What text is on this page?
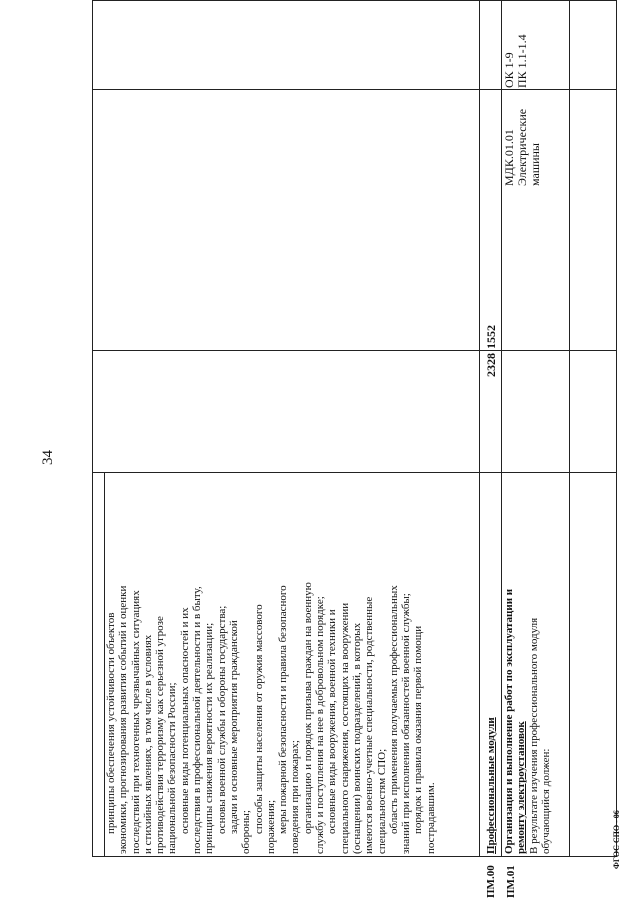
34

принципы обеспечения устойчивости объектов экономики, прогнозирования развития событий и оценки последствий при техногенных чрезвычайных ситуациях и стихийных явлениях, в том числе в условиях противодействия терроризму как серьезной угрозе национальной безопасности России; основные виды потенциальных опасностей и их последствия в профессиональной деятельности и в быту, принципы снижения вероятности их реализации; основы военной службы и обороны государства; задачи и основные мероприятия гражданской обороны; способы защиты населения от оружия массового поражения; меры пожарной безопасности и правила безопасного поведения при пожарах; организацию и порядок призыва граждан на военную службу и поступления на нее в добровольном порядке; основные виды вооружения, военной техники и специального снаряжения, состоящих на вооружении (оснащении) воинских подразделений, в которых имеются военно-учетные специальности, родственные специальностям СПО; область применения получаемых профессиональных знаний при исполнении обязанностей военной службы; порядок и правила оказания первой помощи пострадавшим.

ПМ.00
Профессиональные модули
2328
1552
ПМ.01

Организация и выполнение работ по эксплуатации и ремонту электроустановок В результате изучения профессионального модуля обучающийся должен:

МДК.01.01 Электрические машины

ОК 1-9 ПК 1.1-1.4

ФГОС СПО - 06
